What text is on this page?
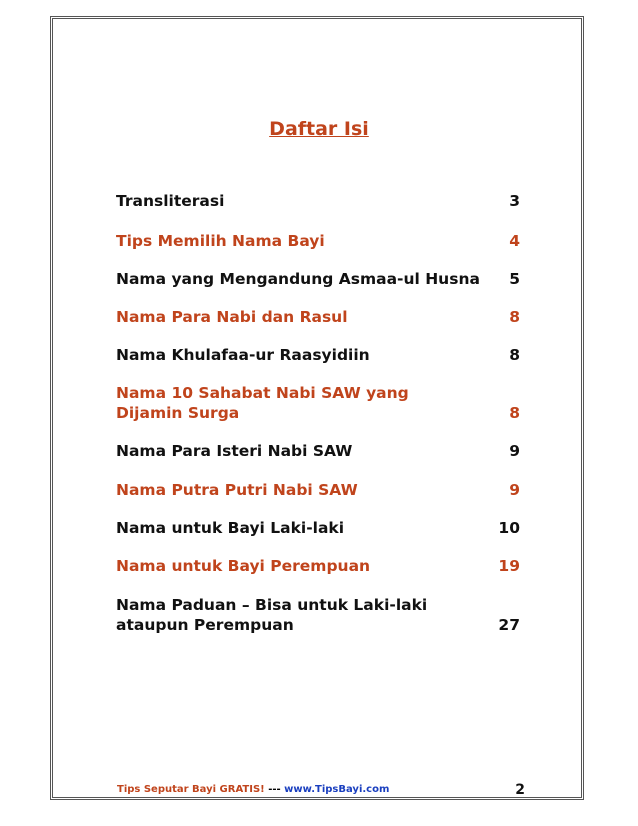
Daftar Isi
Transliterasi	3
Tips Memilih Nama Bayi	4
Nama yang Mengandung Asmaa-ul Husna	5
Nama Para Nabi dan Rasul	8
Nama Khulafaa-ur Raasyidiin	8
Nama 10 Sahabat Nabi SAW yang Dijamin Surga	8
Nama Para Isteri Nabi SAW	9
Nama Putra Putri Nabi SAW	9
Nama untuk Bayi Laki-laki	10
Nama untuk Bayi Perempuan	19
Nama Paduan – Bisa untuk Laki-laki ataupun Perempuan	27
Tips Seputar Bayi GRATIS! --- www.TipsBayi.com	2
